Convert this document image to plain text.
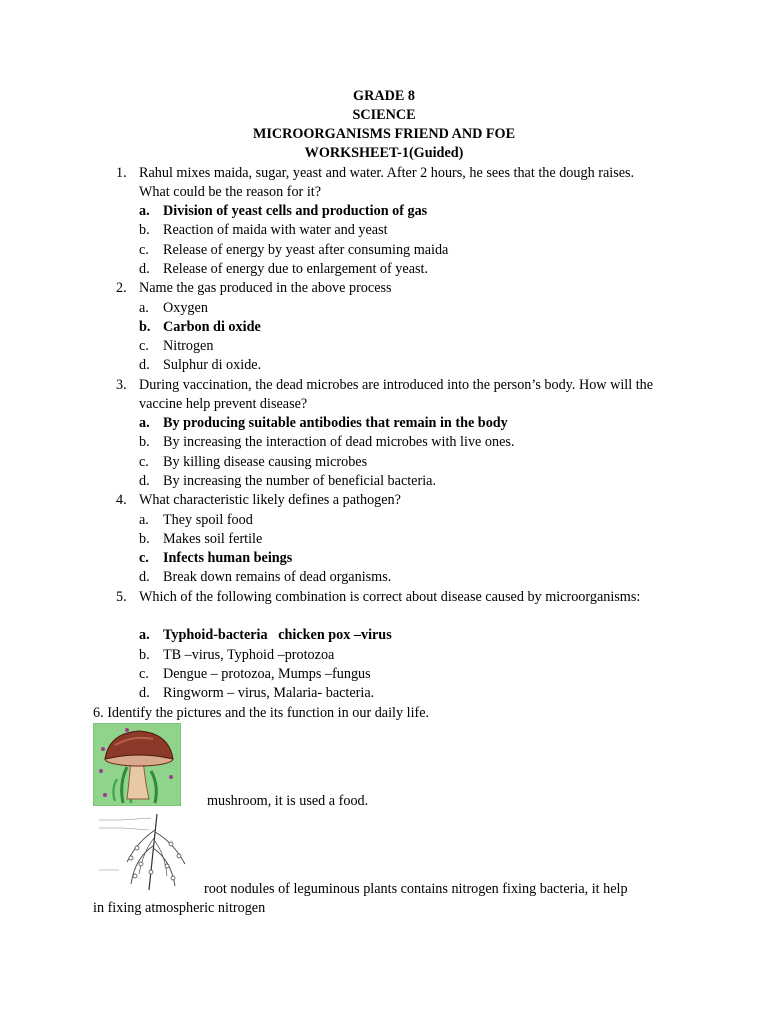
GRADE 8
SCIENCE
MICROORGANISMS FRIEND AND FOE
WORKSHEET-1(Guided)
1. Rahul mixes maida, sugar, yeast and water. After 2 hours, he sees that the dough raises. What could be the reason for it?
a. Division of yeast cells and production of gas
b. Reaction of maida with water and yeast
c. Release of energy by yeast after consuming maida
d. Release of energy due to enlargement of yeast.
2. Name the gas produced in the above process
a. Oxygen
b. Carbon di oxide
c. Nitrogen
d. Sulphur di oxide.
3. During vaccination, the dead microbes are introduced into the person’s body. How will the vaccine help prevent disease?
a. By producing suitable antibodies that remain in the body
b. By increasing the interaction of dead microbes with live ones.
c. By killing disease causing microbes
d. By increasing the number of beneficial bacteria.
4. What characteristic likely defines a pathogen?
a. They spoil food
b. Makes soil fertile
c. Infects human beings
d. Break down remains of dead organisms.
5. Which of the following combination is correct about disease caused by microorganisms:
a. Typhoid-bacteria   chicken pox –virus
b. TB –virus, Typhoid –protozoa
c. Dengue – protozoa, Mumps –fungus
d. Ringworm – virus, Malaria- bacteria.
6. Identify the pictures and the its function in our daily life.
mushroom, it is used a food.
root nodules of leguminous plants contains nitrogen fixing bacteria, it help
in fixing atmospheric nitrogen
